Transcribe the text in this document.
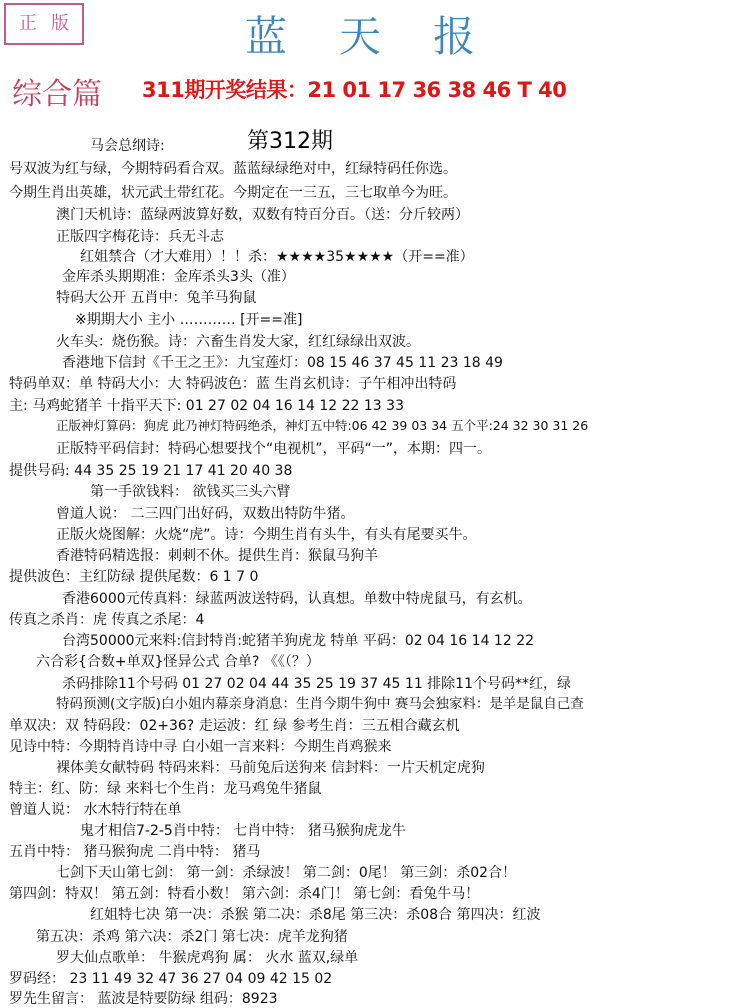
正 版	蓝天报
综合篇 311期开奖结果：21 01 17 36 38 46 T 40
第312期
马会总纲诗:
号双波为红与绿，今期特码看合双。蓝蓝绿绿绝对中，红绿特码任你选。
今期生肖出英雄，状元武土带红花。今期定在一三五，三七取单今为旺。
澳门天机诗：蓝绿两波算好数，双数有特百分百。（送：分斤较两）
正版四字梅花诗：兵无斗志
红姐禁合（才大难用）！！杀：★★★★35★★★★（开==准）
金库杀头期期准：金库杀头3头（准）
特码大公开 五肖中：兔羊马狗鼠
※期期大小 主小 ………… [开==准]
火车头：烧伤猴。诗：六畜生肖发大家，红红绿绿出双波。
香港地下信封《千王之王》：九宝莲灯：08 15 46 37 45 11 23 18 49
特码单双：单 特码大小：大 特码波色：蓝 生肖玄机诗：子午相冲出特码
主: 马鸡蛇猪羊 十指平天下: 01 27 02 04 16 14 12 22 13 33
正版神灯算码：狗虎 此乃神灯特码绝杀，神灯五中特:06 42 39 03 34 五个平:24 32 30 31 26
正版特平码信封：特码心想要找个“电视机”，平码“一”，本期：四一。
提供号码: 44 35 25 19 21 17 41 20 40 38
第一手欲钱料： 欲钱买三头六臂
曾道人说： 二三四门出好码，双数出特防牛猪。
正版火烧图解：火烧“虎”。诗：今期生肖有头牛，有头有尾要买牛。
香港特码精选报：刺刺不休。提供生肖：猴鼠马狗羊
提供波色：主红防绿 提供尾数：6 1 7 0
香港6000元传真料：绿蓝两波送特码，认真想。单数中特虎鼠马，有玄机。
传真之杀肖：虎 传真之杀尾：4
台湾50000元来料:信封特肖:蛇猪羊狗虎龙 特单 平码：02 04 16 14 12 22
六合彩{合数+单双}怪异公式 合单? 《《（？）
杀码排除11个号码 01 27 02 04 44 35 25 19 37 45 11 排除11个号码**红，绿
特码预测(文字版)白小姐内幕亲身消息：生肖今期牛狗中 赛马会独家料：是羊是鼠自己查
单双决：双 特码段：02+36? 走运波：红 绿 参考生肖：三五相合藏玄机
见诗中特：今期特肖诗中寻 白小姐一言来料：今期生肖鸡猴来
裸体美女献特码 特码来料：马前兔后送狗来 信封料：一片天机定虎狗
特主：红、防：绿 来料七个生肖：龙马鸡兔牛猪鼠
曾道人说： 水木特行特在单
鬼才相信7-2-5肖中特： 七肖中特： 猪马猴狗虎龙牛
五肖中特： 猪马猴狗虎 二肖中特： 猪马
七剑下天山第七剑： 第一剑：杀绿波！ 第二剑：0尾！ 第三剑：杀02合！
第四剑：特双！ 第五剑：特看小数！ 第六剑：杀4门！ 第七剑：看兔牛马！
红姐特七决 第一决：杀猴 第二决：杀8尾 第三决：杀08合 第四决：红波
第五决：杀鸡 第六决：杀2门 第七决：虎羊龙狗猪
罗大仙点歌单： 牛猴虎鸡狗 属： 火水 蓝双,绿单
罗码经： 23 11 49 32 47 36 27 04 09 42 15 02
罗先生留言： 蓝波是特要防绿 组码：8923
